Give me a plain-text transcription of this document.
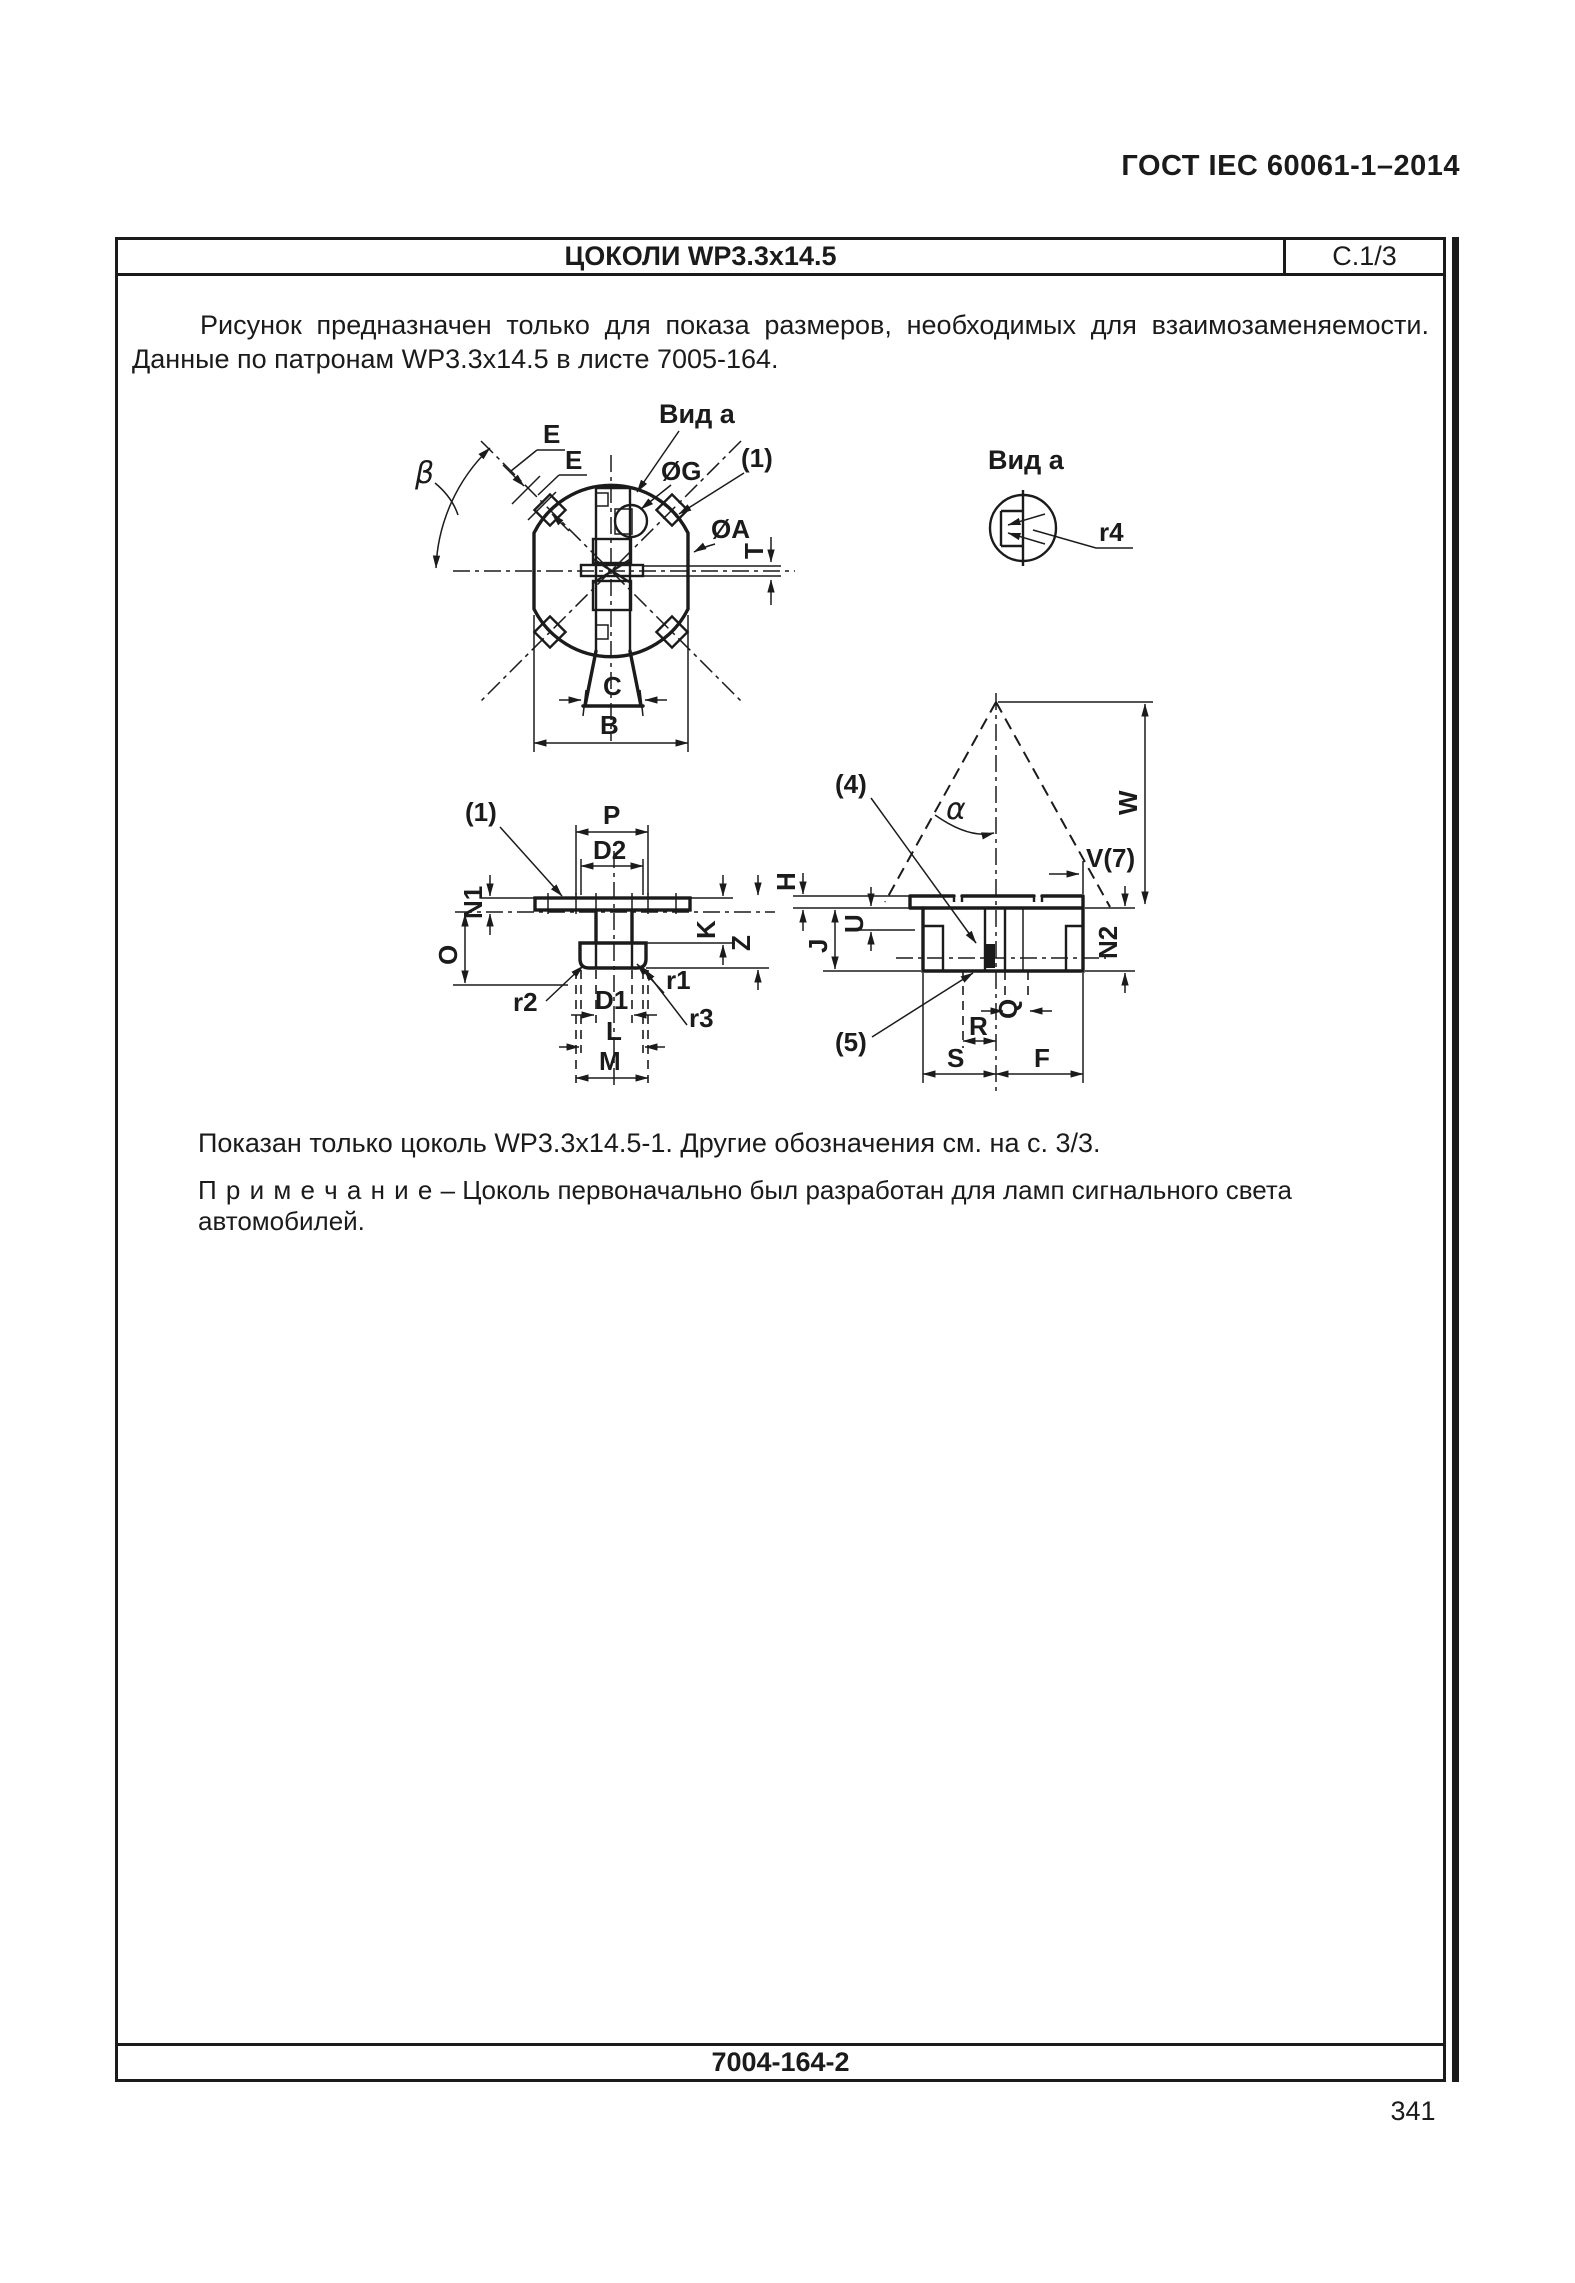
ГОСТ IEC 60061-1–2014
ЦОКОЛИ WP3.3x14.5	С.1/3
Рисунок предназначен только для показа размеров, необходимых для взаимозаменяемости.
Данные по патронам WP3.3x14.5 в листе 7005-164.
β
E
E
Вид а
ØG (1)
ØA
T
C
B
Вид а
r4
P
D2
N1
O
K
Z
r2
r1
r3
D1
L
M
(1)	α	W
V(7)
H
U
J	N2
Q
R
S	F
(4)
(5)
Показан только цоколь WP3.3x14.5-1. Другие обозначения см. на с. 3/3.
П р и м е ч а н и е – Цоколь первоначально был разработан для ламп сигнального света автомобилей.
7004-164-2
341
